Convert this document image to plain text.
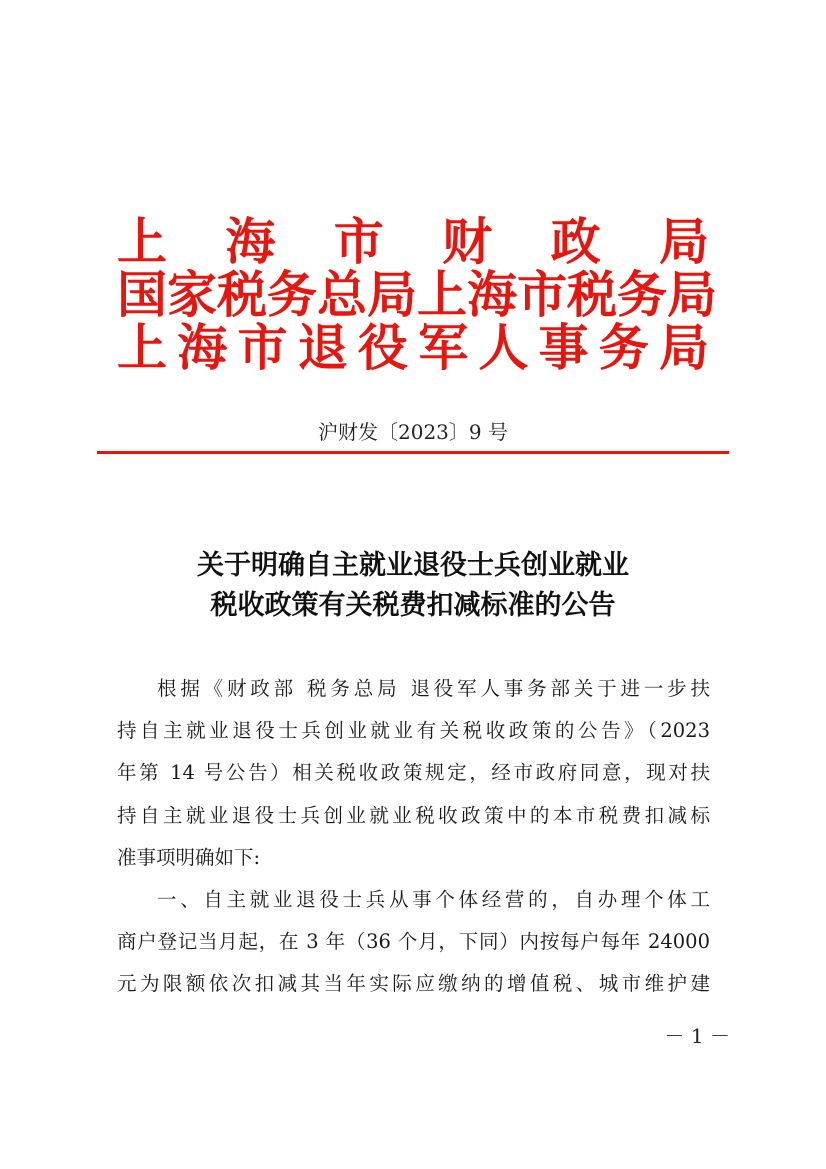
上 海 市 财 政 局
国 家 税 务 总 局 上 海 市 税 务 局
上 海 市 退 役 军 人 事 务 局
沪财发〔2023〕9 号
关于明确自主就业退役士兵创业就业
税收政策有关税费扣减标准的公告
根据《财政部 税务总局 退役军人事务部关于进一步扶
持自主就业退役士兵创业就业有关税收政策的公告》（2023
年第 14 号公告）相关税收政策规定，经市政府同意，现对扶
持自主就业退役士兵创业就业税收政策中的本市税费扣减标
准事项明确如下:
一、自主就业退役士兵从事个体经营的，自办理个体工
商户登记当月起，在 3 年（36 个月，下同）内按每户每年 24000
元为限额依次扣减其当年实际应缴纳的增值税、城市维护建
－ 1 －
